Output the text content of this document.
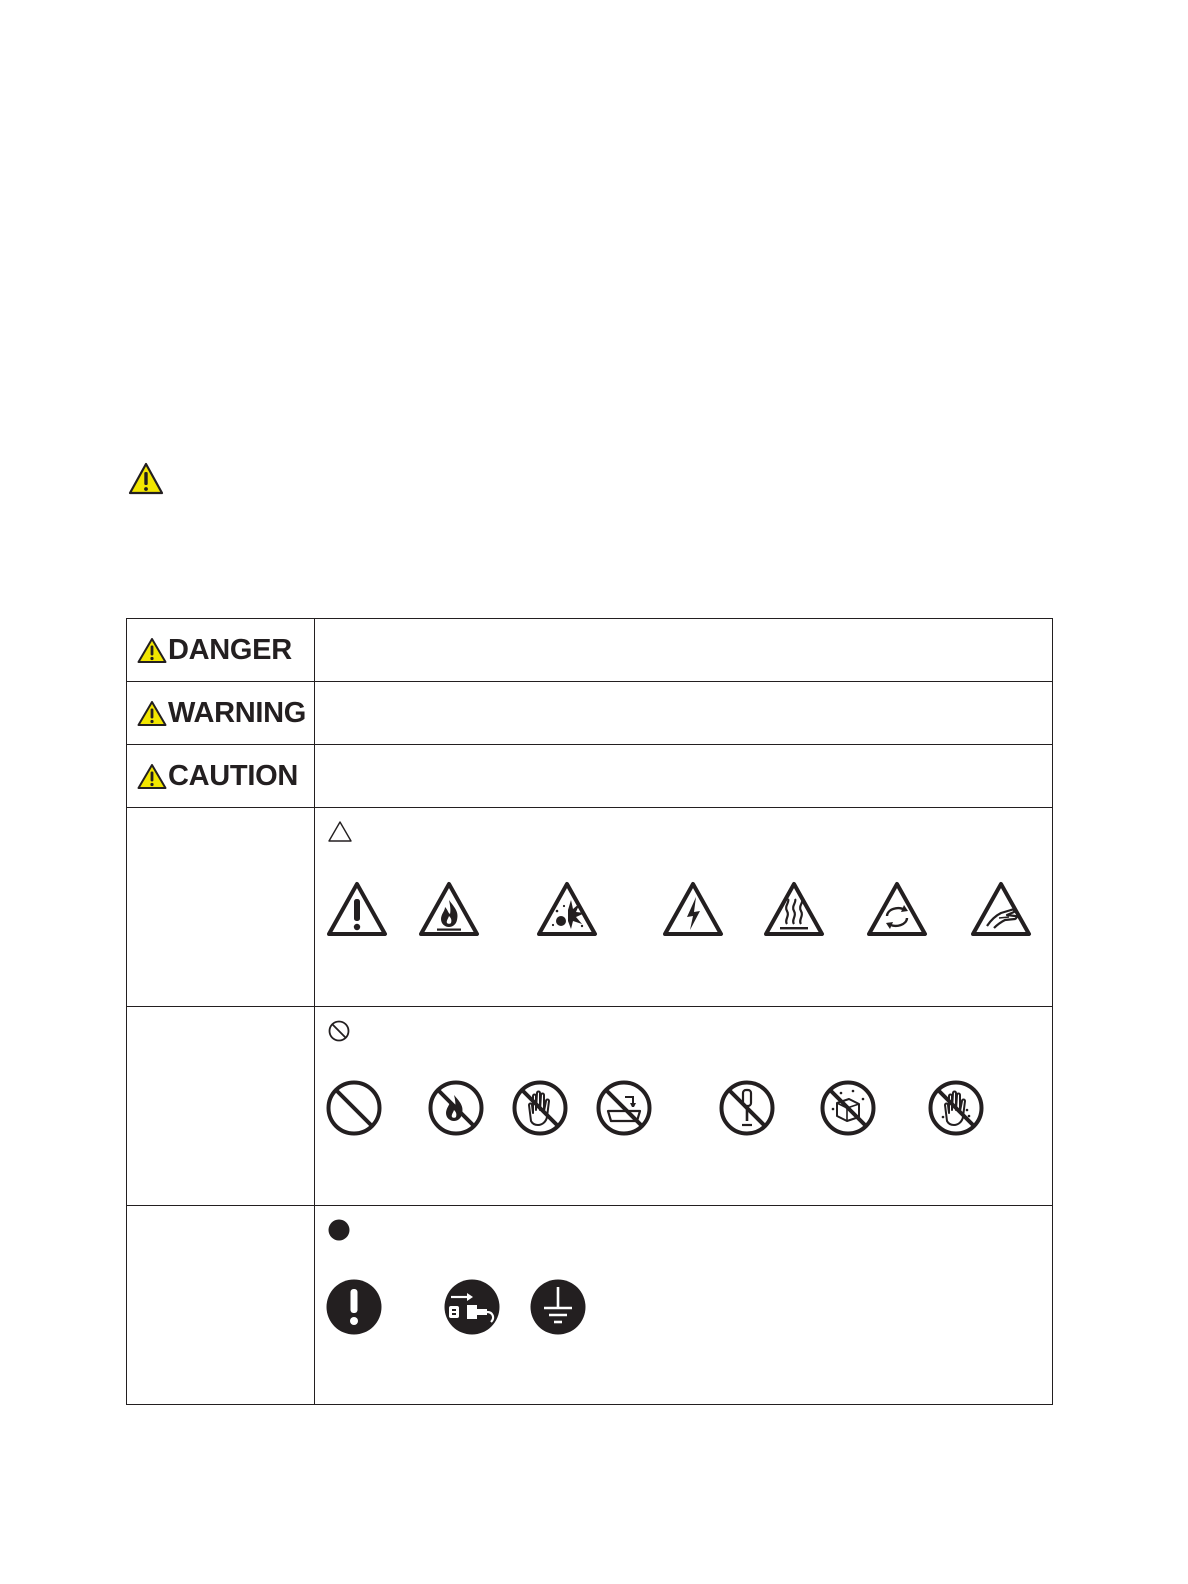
DANGER	

WARNING	

CAUTION	
